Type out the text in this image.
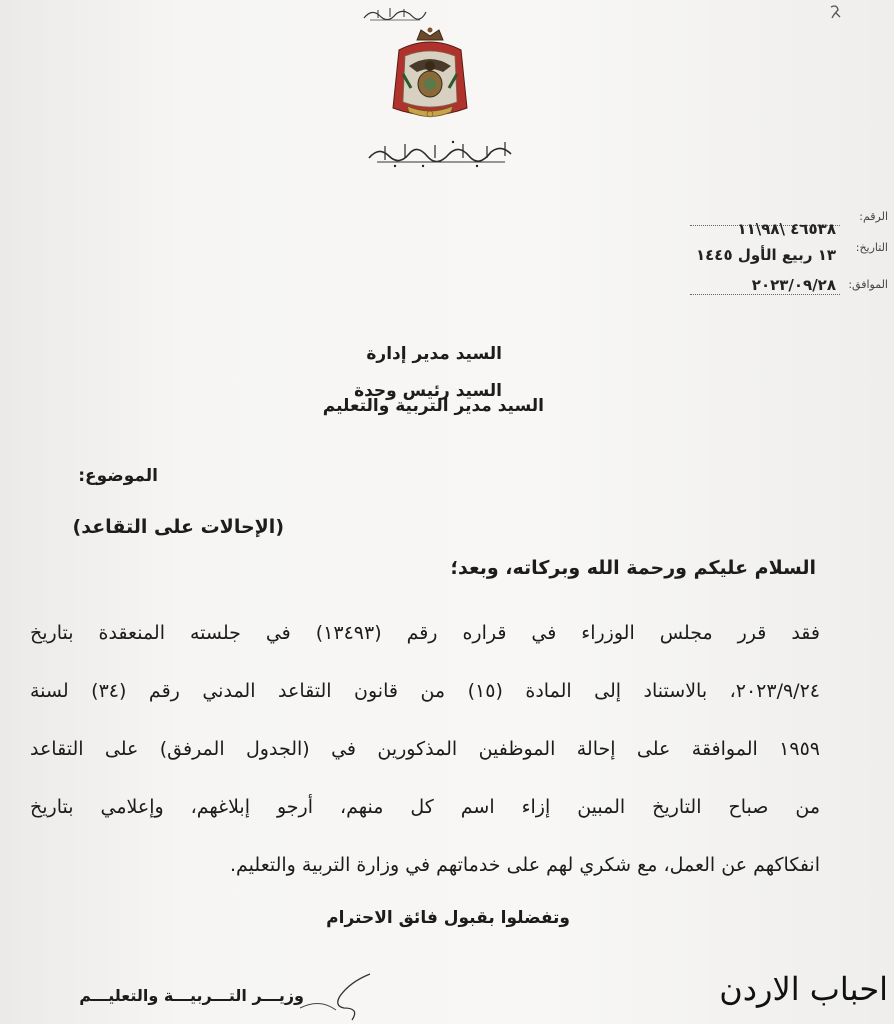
الرقم:
٤٦٥٣٨ \٩٨\١١
التاريخ:
١٣ ربيع الأول ١٤٤٥
الموافق:
٢٠٢٣/٠٩/٢٨
السيد مدير إدارة
السيد رئيس وحدة
السيد مدير التربية والتعليم
الموضوع:
(الإحالات على التقاعد)
السلام عليكم ورحمة الله وبركاته، وبعد؛
فقد قرر مجلس الوزراء في قراره رقم (١٣٤٩٣) في جلسته المنعقدة بتاريخ
٢٠٢٣/٩/٢٤، بالاستناد إلى المادة (١٥) من قانون التقاعد المدني رقم (٣٤) لسنة
١٩٥٩ الموافقة على إحالة الموظفين المذكورين في (الجدول المرفق) على التقاعد
من صباح التاريخ المبين إزاء اسم كل منهم، أرجو إبلاغهم، وإعلامي بتاريخ
انفكاكهم عن العمل، مع شكري لهم على خدماتهم في وزارة التربية والتعليم.
وتفضلوا بقبول فائق الاحترام
وزيـــر التـــربيـــة والتعليـــم	احباب الاردن
